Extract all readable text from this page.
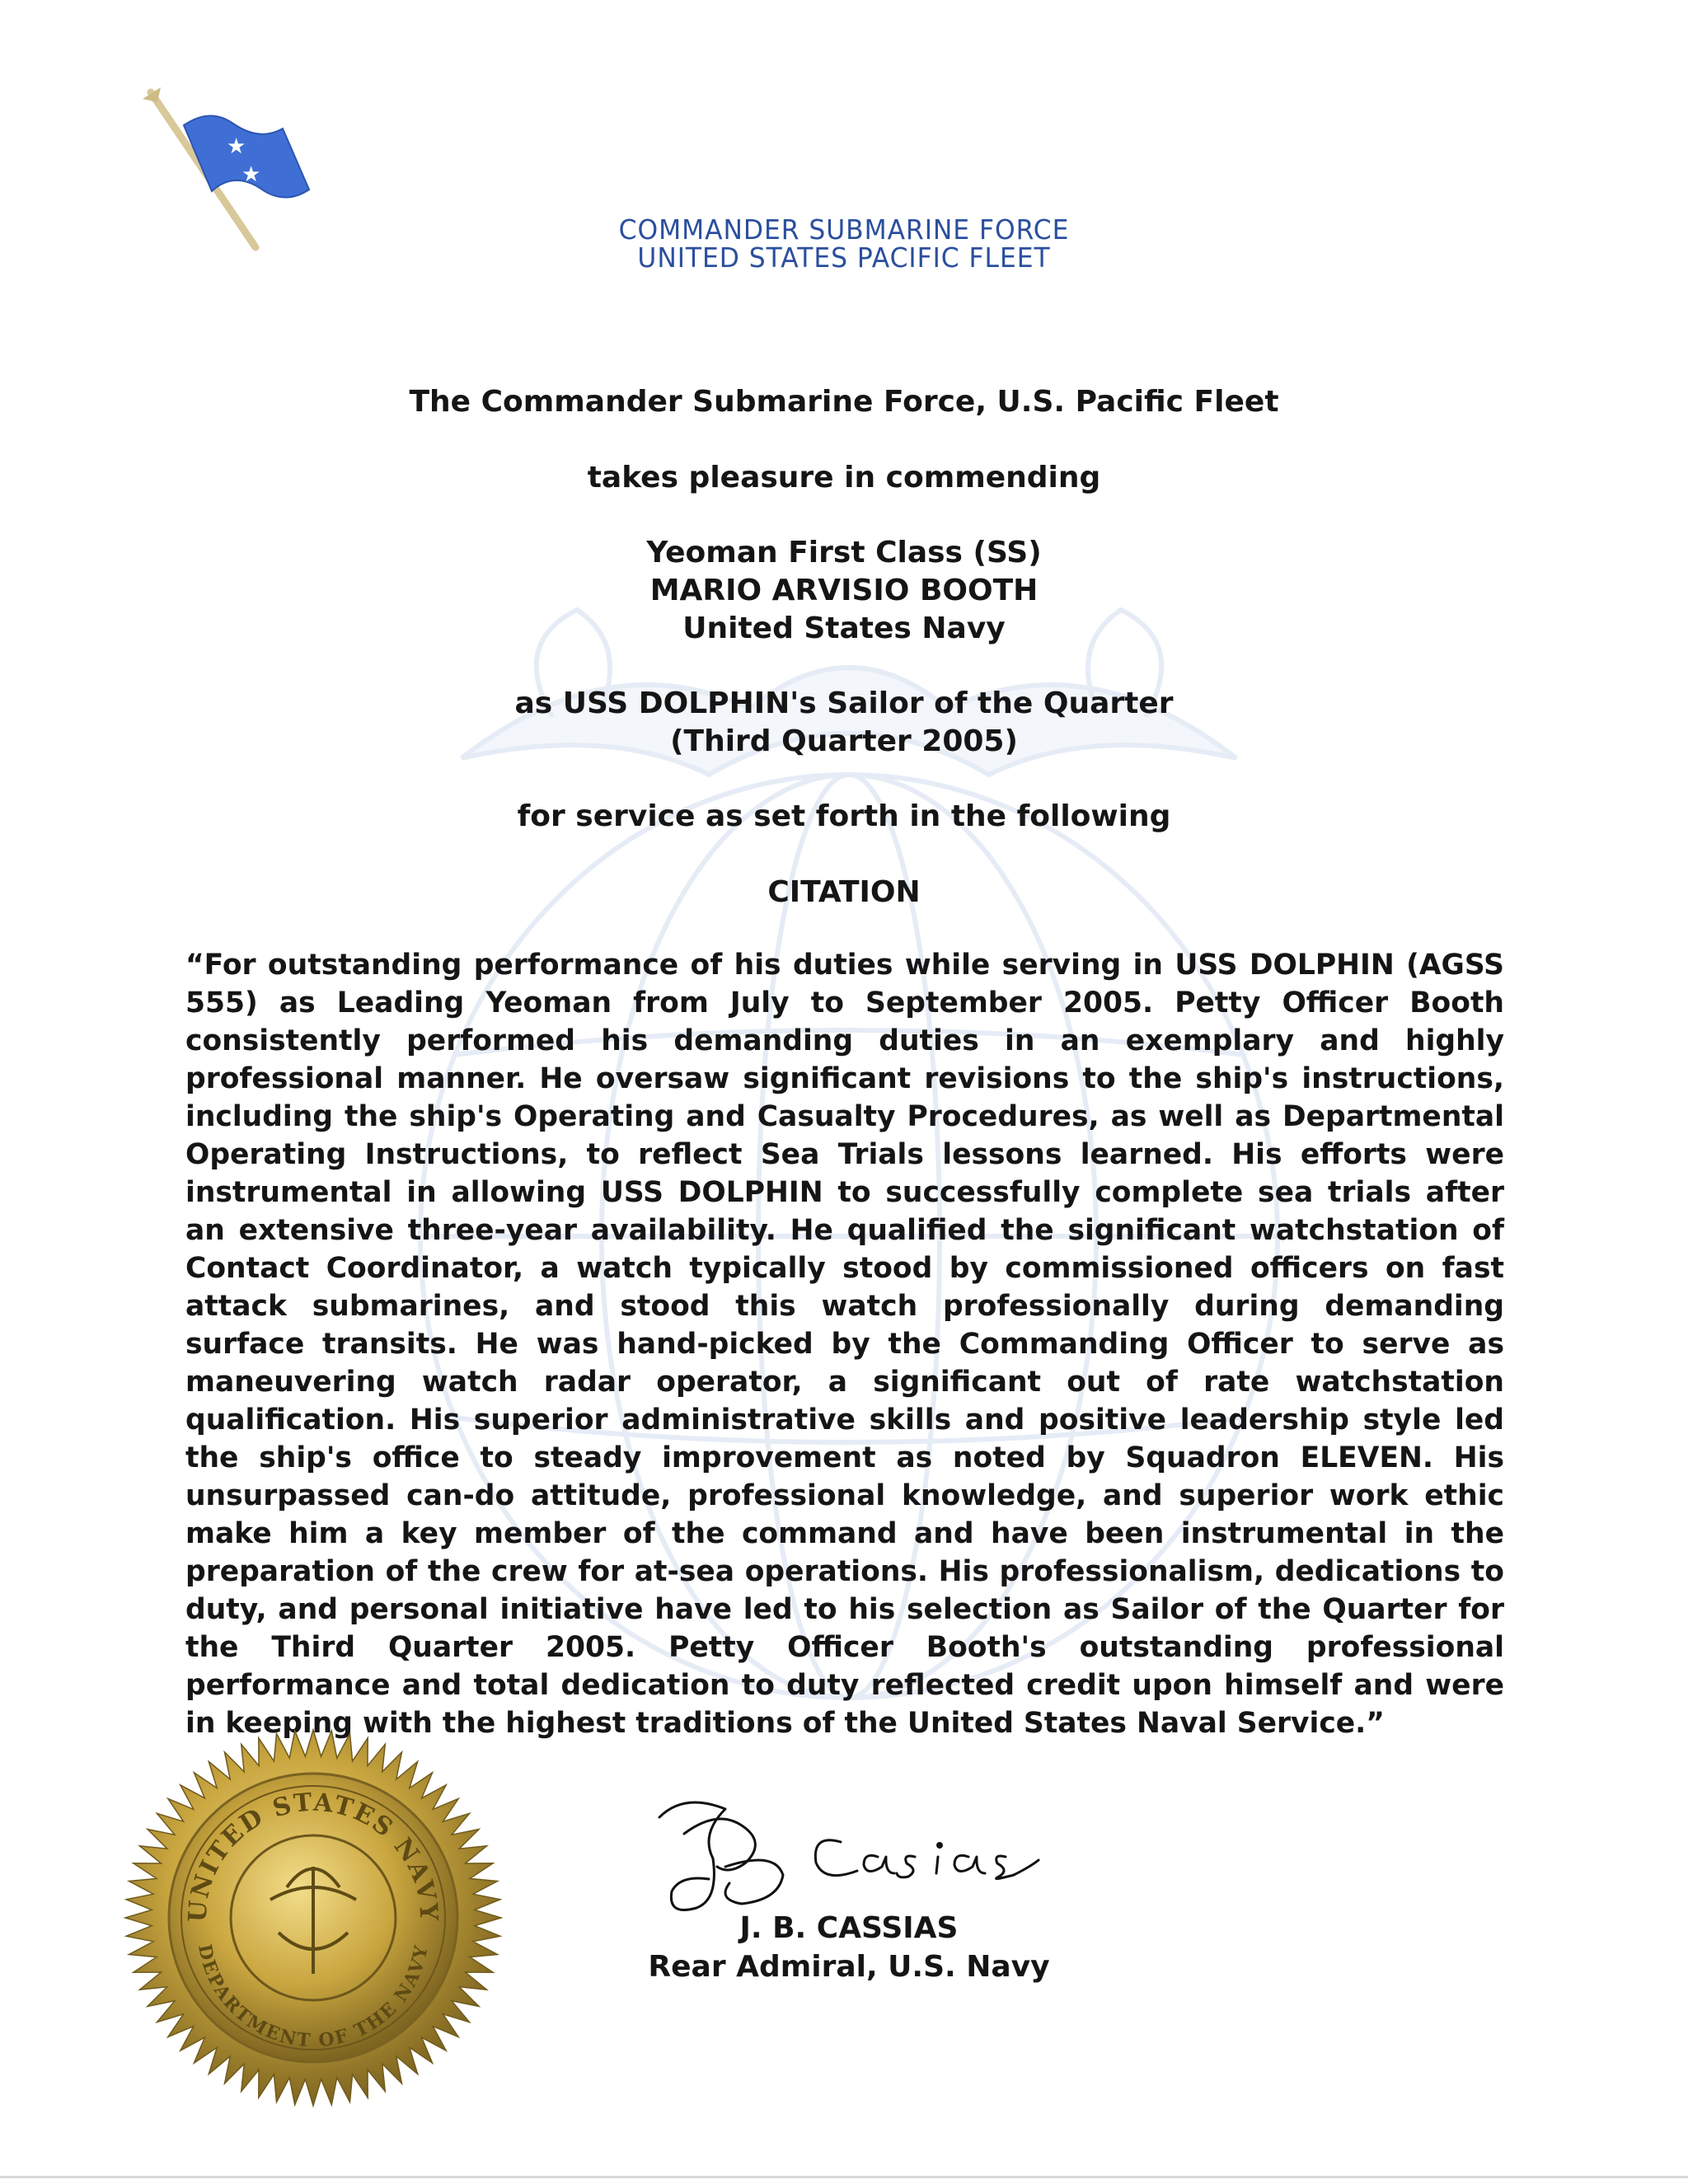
★
★
COMMANDER SUBMARINE FORCE
UNITED STATES PACIFIC FLEET
The Commander Submarine Force, U.S. Pacific Fleet
takes pleasure in commending
Yeoman First Class (SS)
MARIO ARVISIO BOOTH
United States Navy
as USS DOLPHIN's Sailor of the Quarter
(Third Quarter 2005)
for service as set forth in the following
CITATION
“For outstanding performance of his duties while serving in USS DOLPHIN (AGSS 555) as Leading Yeoman from July to September 2005. Petty Officer Booth consistently performed his demanding duties in an exemplary and highly professional manner. He oversaw significant revisions to the ship's instructions, including the ship's Operating and Casualty Procedures, as well as Departmental Operating Instructions, to reflect Sea Trials lessons learned. His efforts were instrumental in allowing USS DOLPHIN to successfully complete sea trials after an extensive three-year availability. He qualified the significant watchstation of Contact Coordinator, a watch typically stood by commissioned officers on fast attack submarines, and stood this watch professionally during demanding surface transits. He was hand-picked by the Commanding Officer to serve as maneuvering watch radar operator, a significant out of rate watchstation qualification. His superior administrative skills and positive leadership style led the ship's office to steady improvement as noted by Squadron ELEVEN. His unsurpassed can-do attitude, professional knowledge, and superior work ethic make him a key member of the command and have been instrumental in the preparation of the crew for at-sea operations. His professionalism, dedications to duty, and personal initiative have led to his selection as Sailor of the Quarter for the Third Quarter 2005. Petty Officer Booth's outstanding professional performance and total dedication to duty reflected credit upon himself and were in keeping with the highest traditions of the United States Naval Service.”
UNITED STATES NAVY
DEPARTMENT OF THE NAVY
J. B. CASSIAS
Rear Admiral, U.S. Navy
